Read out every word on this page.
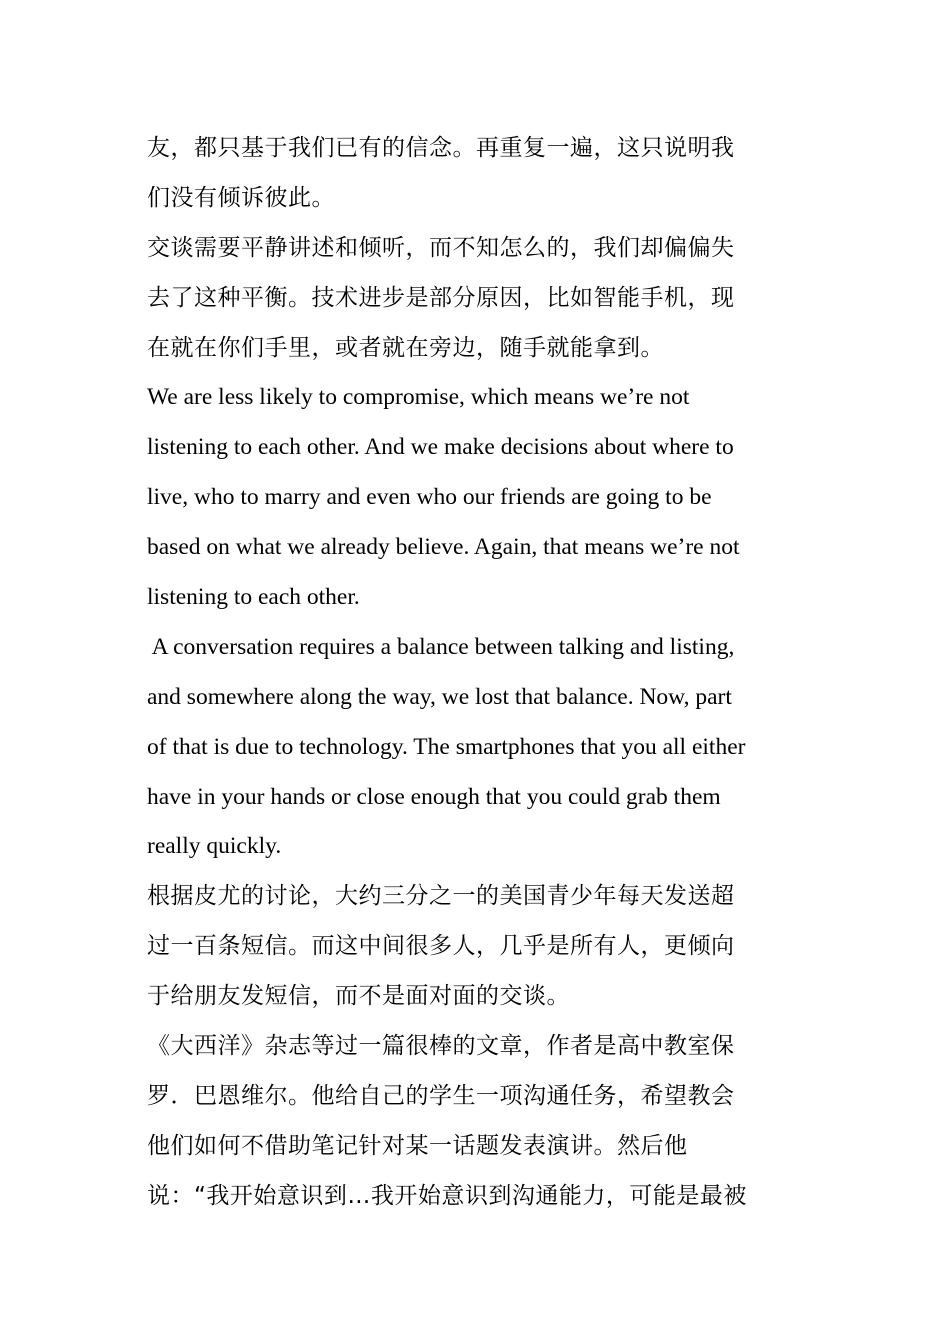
友，都只基于我们已有的信念。再重复一遍，这只说明我
们没有倾诉彼此。
交谈需要平静讲述和倾听，而不知怎么的，我们却偏偏失
去了这种平衡。技术进步是部分原因，比如智能手机，现
在就在你们手里，或者就在旁边，随手就能拿到。
We are less likely to compromise, which means we’re not
listening to each other. And we make decisions about where to
live, who to marry and even who our friends are going to be
based on what we already believe. Again, that means we’re not
listening to each other.
A conversation requires a balance between talking and listing,
and somewhere along the way, we lost that balance. Now, part
of that is due to technology. The smartphones that you all either
have in your hands or close enough that you could grab them
really quickly.
根据皮尤的讨论，大约三分之一的美国青少年每天发送超
过一百条短信。而这中间很多人，几乎是所有人，更倾向
于给朋友发短信，而不是面对面的交谈。
《大西洋》杂志等过一篇很棒的文章，作者是高中教室保
罗．巴恩维尔。他给自己的学生一项沟通任务，希望教会
他们如何不借助笔记针对某一话题发表演讲。然后他
说：“我开始意识到…我开始意识到沟通能力，可能是最被
